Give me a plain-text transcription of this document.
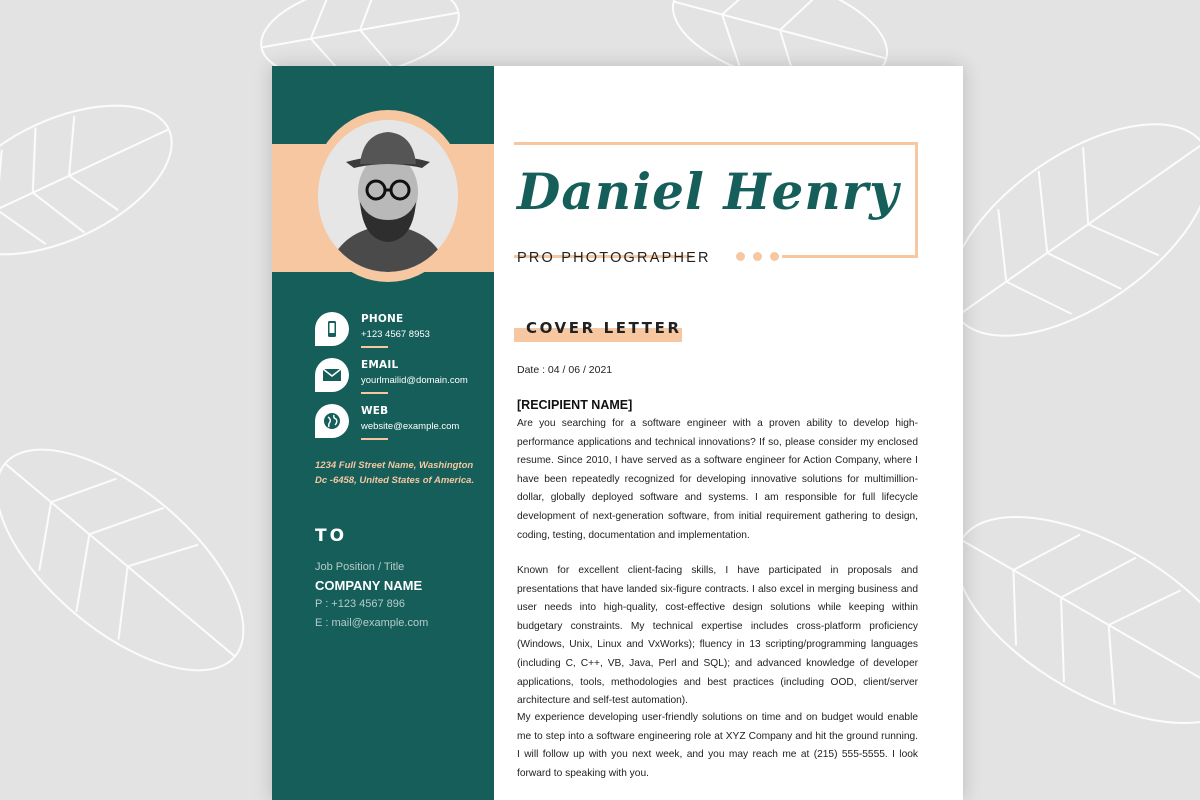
PHONE
+123 4567 8953
EMAIL
yourlmailid@domain.com
WEB
website@example.com
1234 Full Street Name, Washington
Dc -6458, United States of America.
TO
Job Position / Title
COMPANY NAME
P : +123 4567 896
E : mail@example.com
Daniel Henry
PRO PHOTOGRAPHER
COVER LETTER
Date : 04 / 06 / 2021
[RECIPIENT NAME]
Are you searching for a software engineer with a proven ability to develop high-performance applications and technical innovations? If so, please consider my enclosed resume. Since 2010, I have served as a software engineer for Action Company, where I have been repeatedly recognized for developing innovative solutions for multimillion-dollar, globally deployed software and systems. I am responsible for full lifecycle development of next-generation software, from initial requirement gathering to design, coding, testing, documentation and implementation.
Known for excellent client-facing skills, I have participated in proposals and presentations that have landed six-figure contracts. I also excel in merging business and user needs into high-quality, cost-effective design solutions while keeping within budgetary constraints. My technical expertise includes cross-platform proficiency (Windows, Unix, Linux and VxWorks); fluency in 13 scripting/programming languages (including C, C++, VB, Java, Perl and SQL); and advanced knowledge of developer applications, tools, methodologies and best practices (including OOD, client/server architecture and self-test automation).
My experience developing user-friendly solutions on time and on budget would enable me to step into a software engineering role at XYZ Company and hit the ground running. I will follow up with you next week, and you may reach me at (215) 555-5555. I look forward to speaking with you.
